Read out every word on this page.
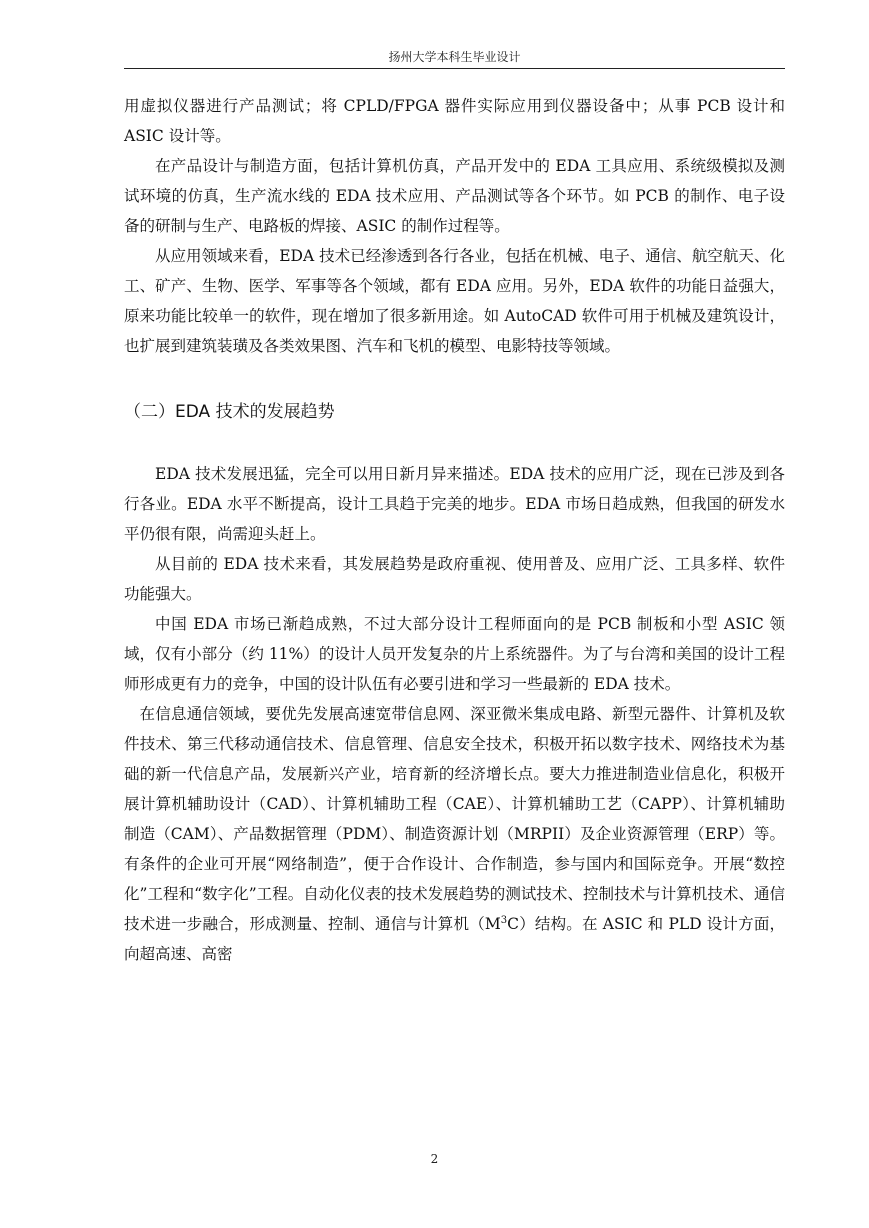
扬州大学本科生毕业设计

用虚拟仪器进行产品测试；将 CPLD/FPGA 器件实际应用到仪器设备中；从事 PCB 设计和 ASIC 设计等。

在产品设计与制造方面，包括计算机仿真，产品开发中的 EDA 工具应用、系统级模拟及测试环境的仿真，生产流水线的 EDA 技术应用、产品测试等各个环节。如 PCB 的制作、电子设备的研制与生产、电路板的焊接、ASIC 的制作过程等。

从应用领域来看，EDA 技术已经渗透到各行各业，包括在机械、电子、通信、航空航天、化工、矿产、生物、医学、军事等各个领域，都有 EDA 应用。另外，EDA 软件的功能日益强大，原来功能比较单一的软件，现在增加了很多新用途。如 AutoCAD 软件可用于机械及建筑设计，也扩展到建筑装璜及各类效果图、汽车和飞机的模型、电影特技等领域。

（二）EDA 技术的发展趋势

EDA 技术发展迅猛，完全可以用日新月异来描述。EDA 技术的应用广泛，现在已涉及到各行各业。EDA 水平不断提高，设计工具趋于完美的地步。EDA 市场日趋成熟，但我国的研发水平仍很有限，尚需迎头赶上。

从目前的 EDA 技术来看，其发展趋势是政府重视、使用普及、应用广泛、工具多样、软件功能强大。

中国 EDA 市场已渐趋成熟，不过大部分设计工程师面向的是 PCB 制板和小型 ASIC 领域，仅有小部分（约 11%）的设计人员开发复杂的片上系统器件。为了与台湾和美国的设计工程师形成更有力的竞争，中国的设计队伍有必要引进和学习一些最新的 EDA 技术。

在信息通信领域，要优先发展高速宽带信息网、深亚微米集成电路、新型元器件、计算机及软件技术、第三代移动通信技术、信息管理、信息安全技术，积极开拓以数字技术、网络技术为基础的新一代信息产品，发展新兴产业，培育新的经济增长点。要大力推进制造业信息化，积极开展计算机辅助设计（CAD）、计算机辅助工程（CAE）、计算机辅助工艺（CAPP）、计算机辅助制造（CAM）、产品数据管理（PDM）、制造资源计划（MRPII）及企业资源管理（ERP）等。有条件的企业可开展“网络制造”，便于合作设计、合作制造，参与国内和国际竞争。开展“数控化”工程和“数字化”工程。自动化仪表的技术发展趋势的测试技术、控制技术与计算机技术、通信技术进一步融合，形成测量、控制、通信与计算机$(M^3C)$结构。在 ASIC 和 PLD 设计方面，向超高速、高密

2
